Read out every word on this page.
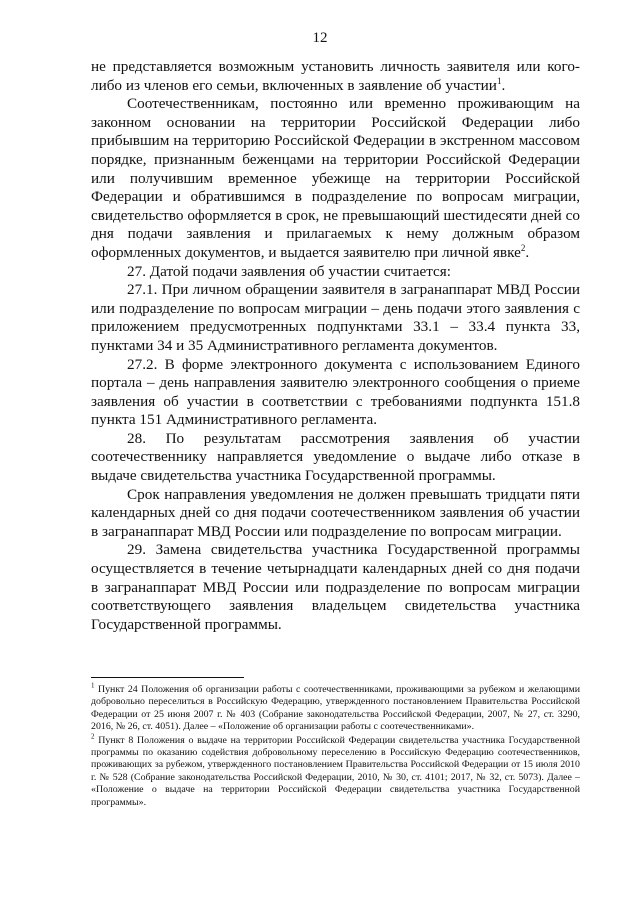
12

не представляется возможным установить личность заявителя или кого-либо из членов его семьи, включенных в заявление об участии$^1$.

Соотечественникам, постоянно или временно проживающим на законном основании на территории Российской Федерации либо прибывшим на территорию Российской Федерации в экстренном массовом порядке, признанным беженцами на территории Российской Федерации или получившим временное убежище на территории Российской Федерации и обратившимся в подразделение по вопросам миграции, свидетельство оформляется в срок, не превышающий шестидесяти дней со дня подачи заявления и прилагаемых к нему должным образом оформленных документов, и выдается заявителю при личной явке$^2$.

27. Датой подачи заявления об участии считается:

27.1. При личном обращении заявителя в загранаппарат МВД России или подразделение по вопросам миграции – день подачи этого заявления с приложением предусмотренных подпунктами 33.1 – 33.4 пункта 33, пунктами 34 и 35 Административного регламента документов.

27.2. В форме электронного документа с использованием Единого портала – день направления заявителю электронного сообщения о приеме заявления об участии в соответствии с требованиями подпункта 151.8 пункта 151 Административного регламента.

28. По результатам рассмотрения заявления об участии соотечественнику направляется уведомление о выдаче либо отказе в выдаче свидетельства участника Государственной программы.

Срок направления уведомления не должен превышать тридцати пяти календарных дней со дня подачи соотечественником заявления об участии в загранаппарат МВД России или подразделение по вопросам миграции.

29. Замена свидетельства участника Государственной программы осуществляется в течение четырнадцати календарных дней со дня подачи в загранаппарат МВД России или подразделение по вопросам миграции соответствующего заявления владельцем свидетельства участника Государственной программы.

$^1$ Пункт 24 Положения об организации работы с соотечественниками, проживающими за рубежом и желающими добровольно переселиться в Российскую Федерацию, утвержденного постановлением Правительства Российской Федерации от 25 июня 2007 г. № 403 (Собрание законодательства Российской Федерации, 2007, № 27, ст. 3290, 2016, № 26, ст. 4051). Далее – «Положение об организации работы с соотечественниками».

$^2$ Пункт 8 Положения о выдаче на территории Российской Федерации свидетельства участника Государственной программы по оказанию содействия добровольному переселению в Российскую Федерацию соотечественников, проживающих за рубежом, утвержденного постановлением Правительства Российской Федерации от 15 июля 2010 г. № 528 (Собрание законодательства Российской Федерации, 2010, № 30, ст. 4101; 2017, № 32, ст. 5073). Далее – «Положение о выдаче на территории Российской Федерации свидетельства участника Государственной программы».
